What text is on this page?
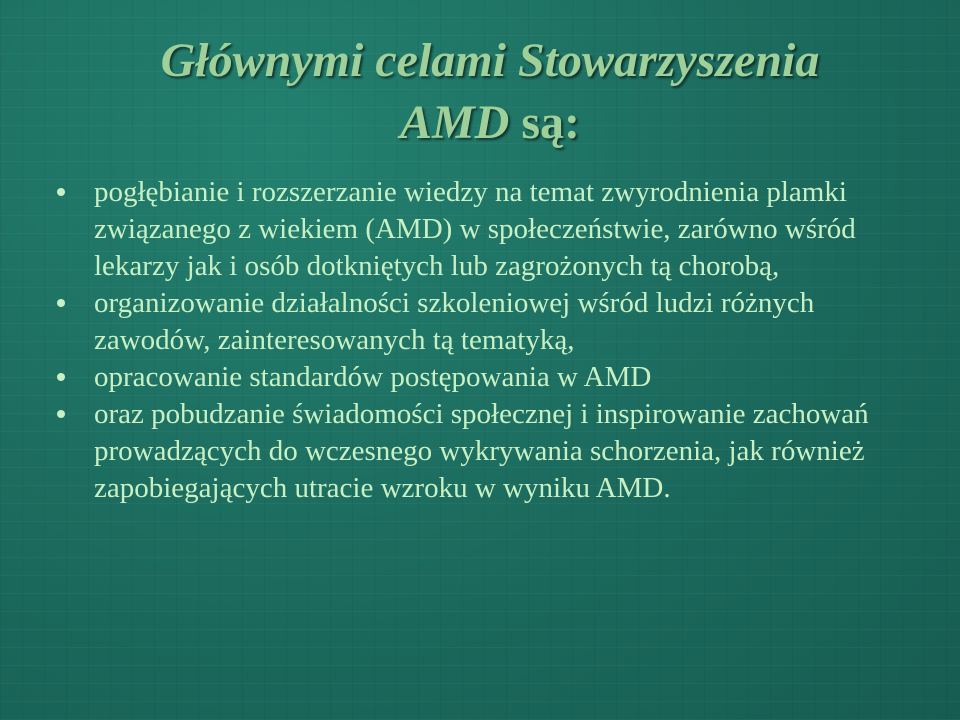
Głównymi celami Stowarzyszenia
AMD są:
pogłębianie i rozszerzanie wiedzy na temat zwyrodnienia plamki związanego z wiekiem (AMD) w społeczeństwie, zarówno wśród lekarzy jak i osób dotkniętych lub zagrożonych tą chorobą,
organizowanie działalności szkoleniowej wśród ludzi różnych zawodów, zainteresowanych tą tematyką,
opracowanie standardów postępowania w AMD
oraz pobudzanie świadomości społecznej i inspirowanie zachowań prowadzących do wczesnego wykrywania schorzenia, jak również zapobiegających utracie wzroku w wyniku AMD.
